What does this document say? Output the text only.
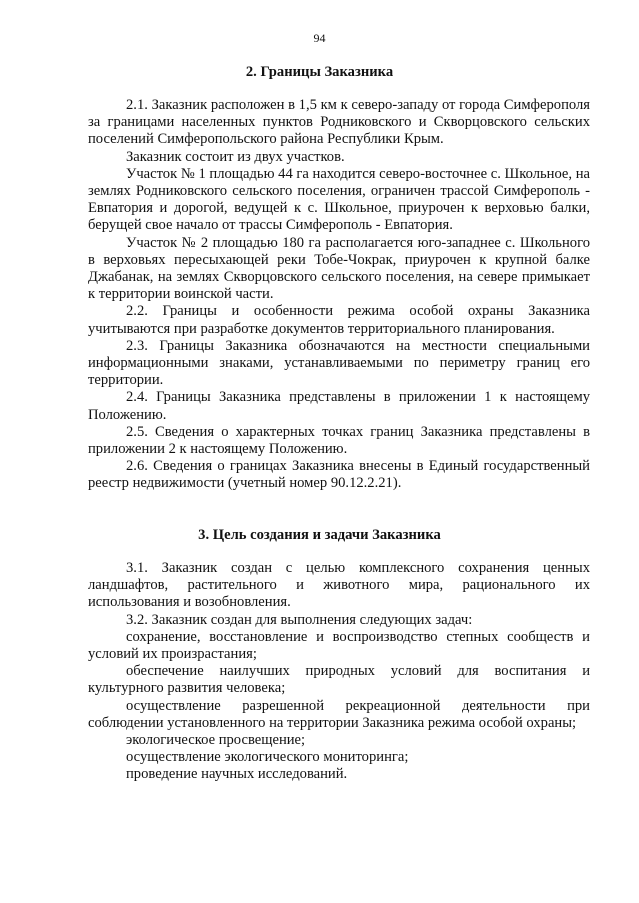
94
2. Границы Заказника

2.1. Заказник расположен в 1,5 км к северо-западу от города Симферополя за границами населенных пунктов Родниковского и Скворцовского сельских поселений Симферопольского района Республики Крым.

Заказник состоит из двух участков.

Участок № 1 площадью 44 га находится северо-восточнее с. Школьное, на землях Родниковского сельского поселения, ограничен трассой Симферополь - Евпатория и дорогой, ведущей к с. Школьное, приурочен к верховью балки, берущей свое начало от трассы Симферополь - Евпатория.

Участок № 2 площадью 180 га располагается юго-западнее с. Школьного в верховьях пересыхающей реки Тобе-Чокрак, приурочен к крупной балке Джабанак, на землях Скворцовского сельского поселения, на севере примыкает к территории воинской части.

2.2. Границы и особенности режима особой охраны Заказника учитываются при разработке документов территориального планирования.

2.3. Границы Заказника обозначаются на местности специальными информационными знаками, устанавливаемыми по периметру границ его территории.

2.4. Границы Заказника представлены в приложении 1 к настоящему Положению.

2.5. Сведения о характерных точках границ Заказника представлены в приложении 2 к настоящему Положению.

2.6. Сведения о границах Заказника внесены в Единый государственный реестр недвижимости (учетный номер 90.12.2.21).

3. Цель создания и задачи Заказника

3.1. Заказник создан с целью комплексного сохранения ценных ландшафтов, растительного и животного мира, рационального их использования и возобновления.

3.2. Заказник создан для выполнения следующих задач:

сохранение, восстановление и воспроизводство степных сообществ и условий их произрастания;

обеспечение наилучших природных условий для воспитания и культурного развития человека;

осуществление разрешенной рекреационной деятельности при соблюдении установленного на территории Заказника режима особой охраны;

экологическое просвещение;

осуществление экологического мониторинга;

проведение научных исследований.
